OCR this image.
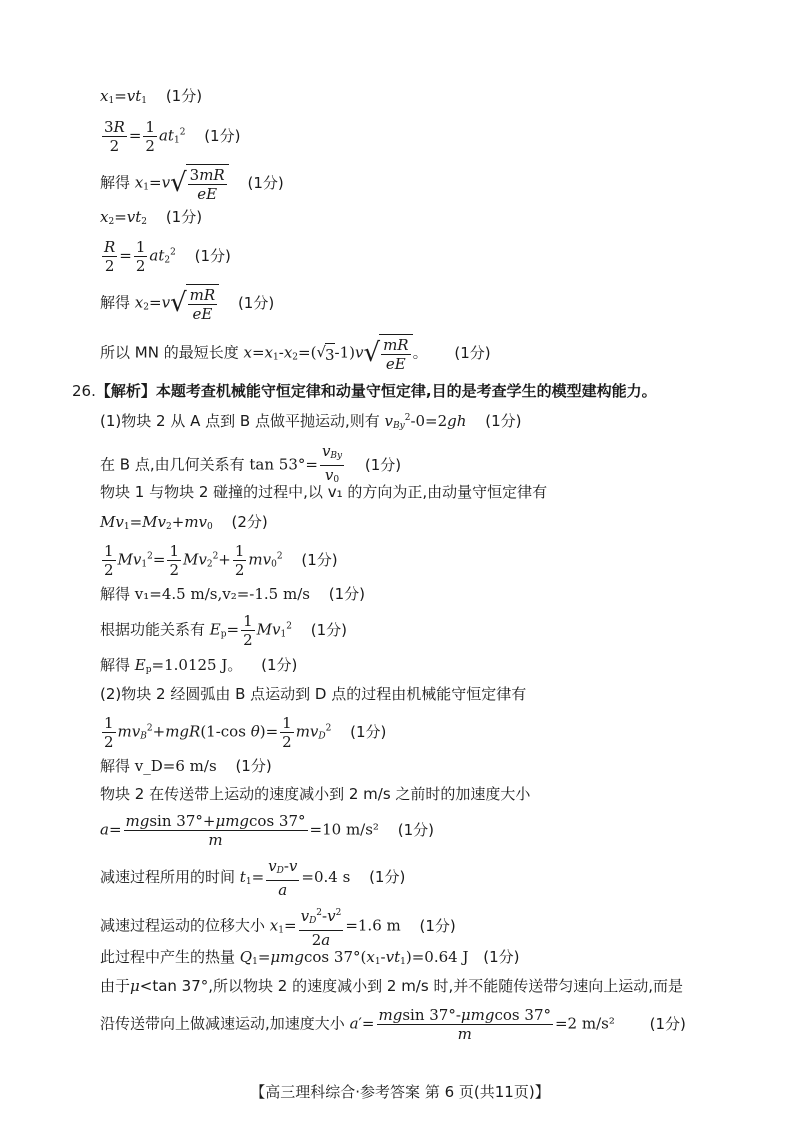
$x_1=vt_1$ (1分)
$\frac{3R}{2} = \frac{1}{2} at_1^2$ (1分)
解得 $x_1=v$ √ $\frac{3mR}{eE} (1$分)
$x_2=vt_2$ (1分)
$\frac{R}{2} = \frac{1}{2} at_2^2$ (1分)
解得 $x_2=v$ √ $\frac{mR}{eE} (1$分)
所以 MN 的最短长度 $x=x_1-x_2=$( √ 3 -1)v √ $\frac{mR}{eE}$ 。 (1分)
26.【解析】本题考查机械能守恒定律和动量守恒定律,目的是考查学生的模型建构能力。
(1)物块 2 从 A 点到 B 点做平抛运动,则有 $v_{By}^2-0=2gh$ (1分)
在 B 点,由几何关系有 $\tan 53^\circ= \frac{v_{By}}{v_0} (1$分)
物块 1 与物块 2 碰撞的过程中,以 v₁ 的方向为正,由动量守恒定律有
$Mv_1=Mv_2+mv_0$ (2分)
$\frac{1}{2} Mv_1^2= \frac{1}{2} Mv_2^2+ \frac{1}{2} mv_0^2$ (1分)
解得 v₁=4.5 m/s,v₂=-1.5 m/s (1分)
根据功能关系有 $E_p= \frac{1}{2} Mv_1^2$ (1分)
解得 $E_p=1.0125$ J。 (1分)
(2)物块 2 经圆弧由 B 点运动到 D 点的过程由机械能守恒定律有
$\frac{1}{2} mv_B^2+mgR(1-\cos$ $\theta)= \frac{1}{2} mv_D^2$ (1分)
解得 v_D=6 m/s (1分)
物块 2 在传送带上运动的速度减小到 2 m/s 之前时的加速度大小
$a= \frac{\text{mgsin 37°+μmgcos 37°}}{m} =10$ m/s² (1分)
减速过程所用的时间 $t_1= \frac{v_D-v}{a} =0.4$ s (1分)
减速过程运动的位移大小 $x_1= \frac{v_D^2-v^2}{2a} =1.6$ m (1分)
此过程中产生的热量 $Q_1=\mu mgcos$ $37^\circ(x_1-vt_1)=0.64$ J (1分)
由于μ<tan 37°,所以物块 2 的速度减小到 2 m/s 时,并不能随传送带匀速向上运动,而是
沿传送带向上做减速运动,加速度大小 $a'= \frac{\text{mgsin 37°-μmgcos 37°}}{m} =2$ m/s² (1分)
【高三理科综合·参考答案 第 6 页(共11页)】
